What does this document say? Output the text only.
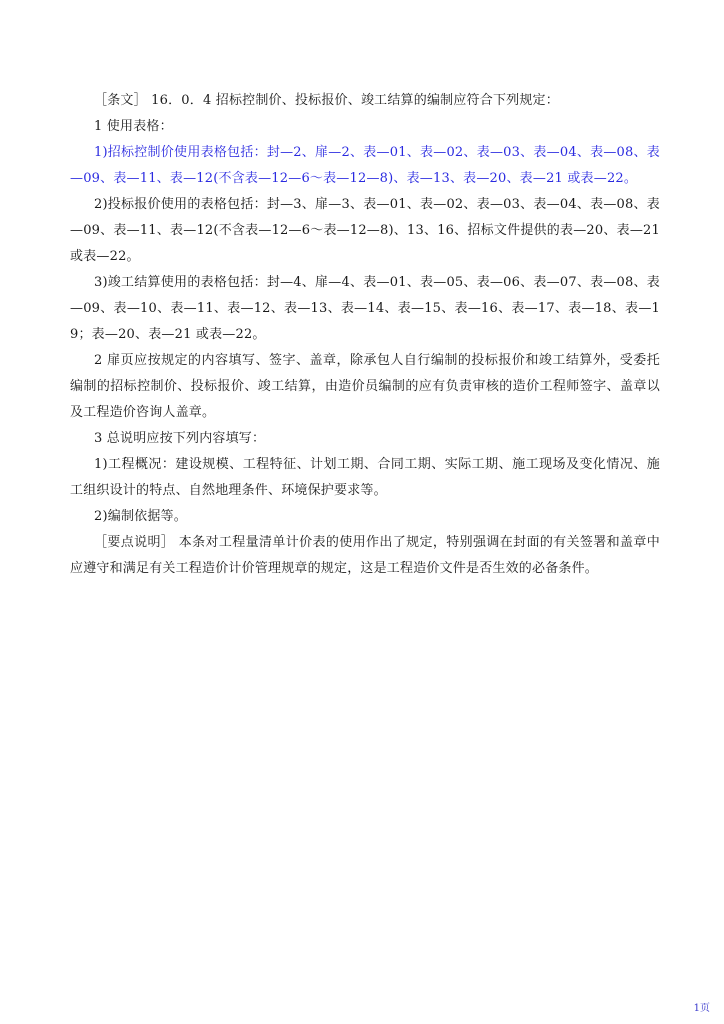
［条文］ 16．0．4 招标控制价、投标报价、竣工结算的编制应符合下列规定：

1 使用表格：

1)招标控制价使用表格包括：封—2、扉—2、表—01、表—02、表—03、表—04、表—08、表—09、表—11、表—12(不含表—12—6～表—12—8)、表—13、表—20、表—21 或表—22。

2)投标报价使用的表格包括：封—3、扉—3、表—01、表—02、表—03、表—04、表—08、表—09、表—11、表—12(不含表—12—6～表—12—8)、13、16、招标文件提供的表—20、表—21 或表—22。

3)竣工结算使用的表格包括：封—4、扉—4、表—01、表—05、表—06、表—07、表—08、表—09、表—10、表—11、表—12、表—13、表—14、表—15、表—16、表—17、表—18、表—19；表—20、表—21 或表—22。

2 扉页应按规定的内容填写、签字、盖章，除承包人自行编制的投标报价和竣工结算外，受委托编制的招标控制价、投标报价、竣工结算，由造价员编制的应有负责审核的造价工程师签字、盖章以及工程造价咨询人盖章。

3 总说明应按下列内容填写：

1)工程概况：建设规模、工程特征、计划工期、合同工期、实际工期、施工现场及变化情况、施工组织设计的特点、自然地理条件、环境保护要求等。

2)编制依据等。

［要点说明］ 本条对工程量清单计价表的使用作出了规定，特别强调在封面的有关签署和盖章中应遵守和满足有关工程造价计价管理规章的规定，这是工程造价文件是否生效的必备条件。

1页
